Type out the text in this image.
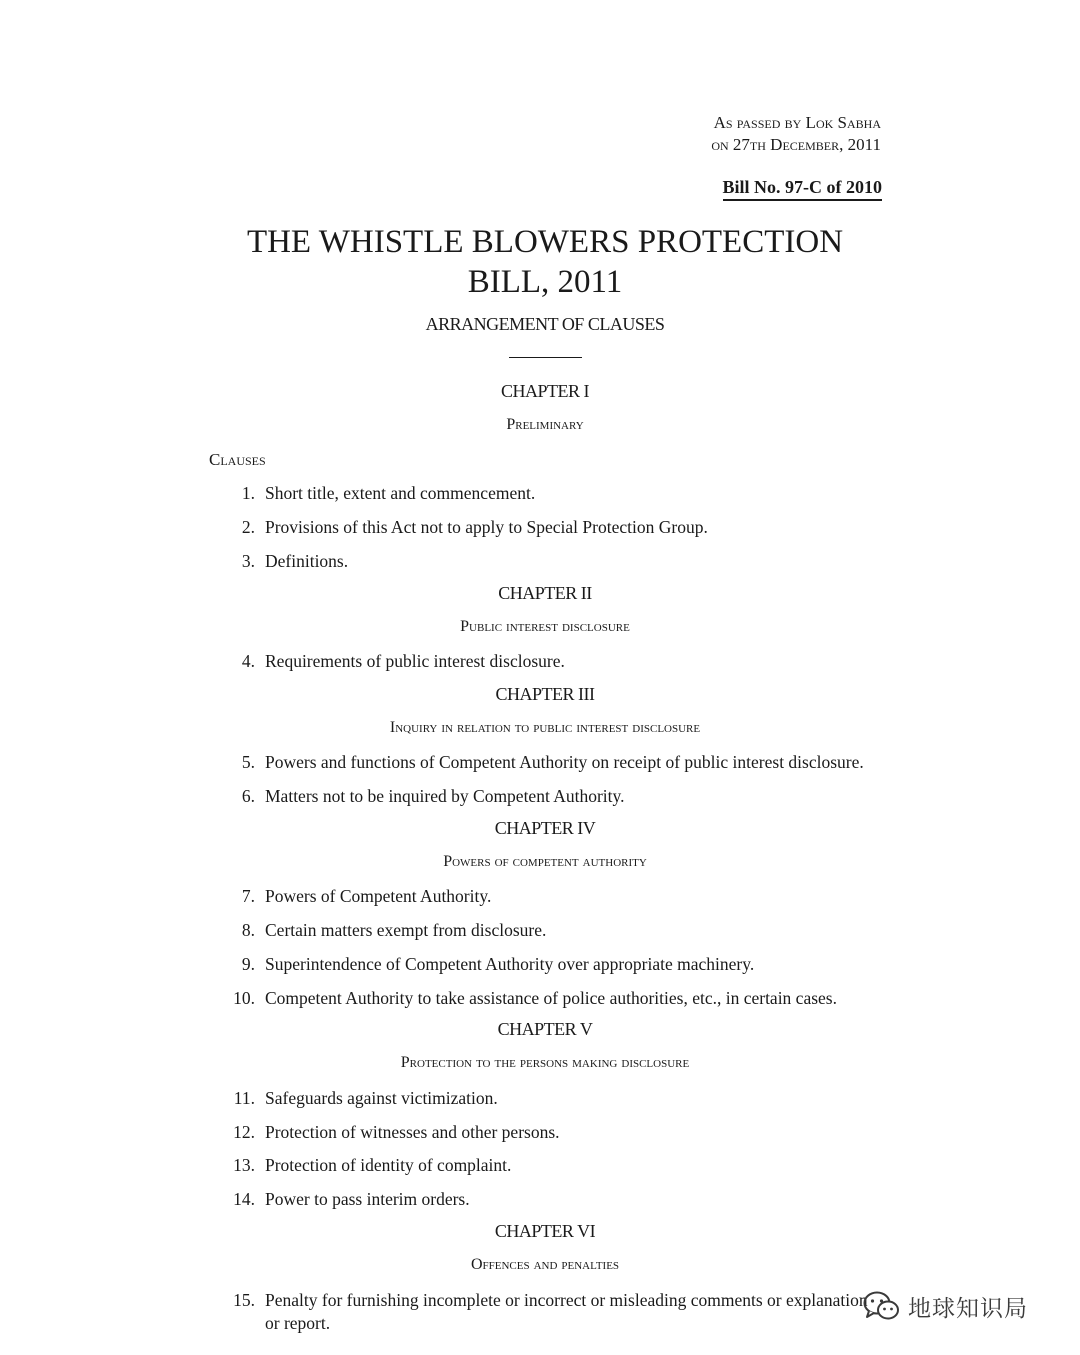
As passed by Lok Sabha
on 27th December, 2011
Bill No. 97-C of 2010
THE WHISTLE BLOWERS PROTECTION
BILL, 2011
ARRANGEMENT OF CLAUSES
CHAPTER I
Preliminary
Clauses
1. Short title, extent and commencement.
2. Provisions of this Act not to apply to Special Protection Group.
3. Definitions.
CHAPTER II
Public interest disclosure
4. Requirements of public interest disclosure.
CHAPTER III
Inquiry in relation to public interest disclosure
5. Powers and functions of Competent Authority on receipt of public interest disclosure.
6. Matters not to be inquired by Competent Authority.
CHAPTER IV
Powers of competent authority
7. Powers of Competent Authority.
8. Certain matters exempt from disclosure.
9. Superintendence of Competent Authority over appropriate machinery.
10. Competent Authority to take assistance of police authorities, etc., in certain cases.
CHAPTER V
Protection to the persons making disclosure
11. Safeguards against victimization.
12. Protection of witnesses and other persons.
13. Protection of identity of complaint.
14. Power to pass interim orders.
CHAPTER VI
Offences and penalties
15. Penalty for furnishing incomplete or incorrect or misleading comments or explanation or report.
地球知识局
